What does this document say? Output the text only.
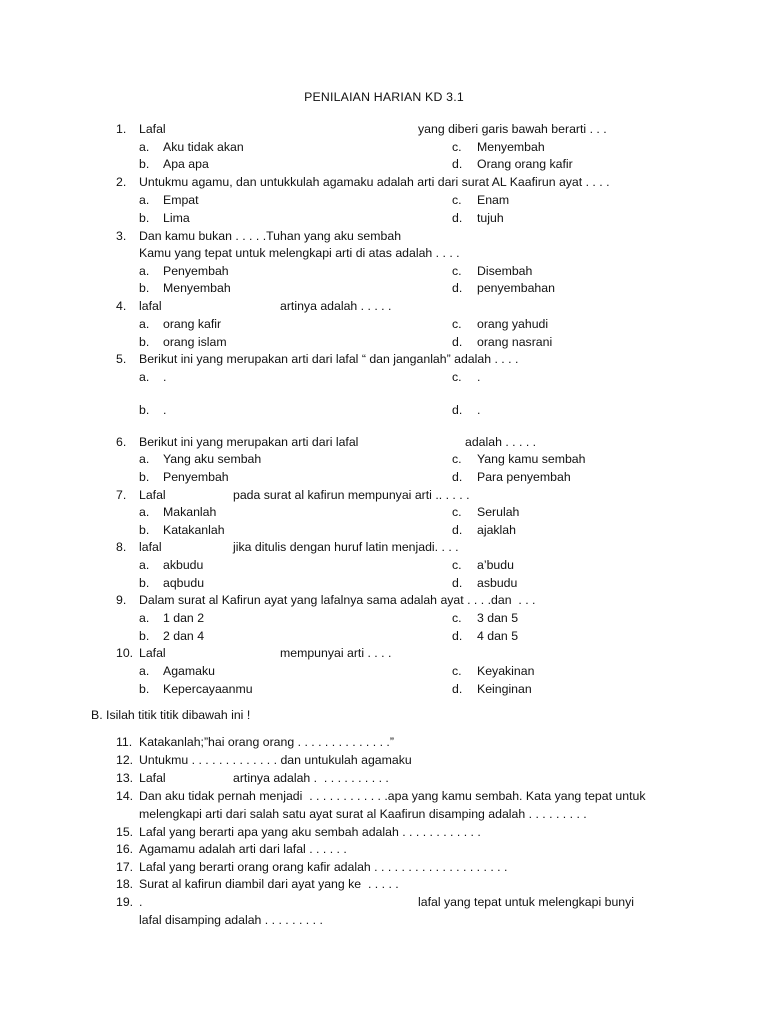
PENILAIAN HARIAN KD 3.1
1. Lafal	yang diberi garis bawah berarti . . .
a. Aku tidak akan	c. Menyembah
b. Apa apa	d. Orang orang kafir
2. Untukmu agamu, dan untukkulah agamaku adalah arti dari surat AL Kaafirun ayat . . . .
a. Empat	c. Enam
b. Lima	d. tujuh
3. Dan kamu bukan . . . . .Tuhan yang aku sembah
Kamu yang tepat untuk melengkapi arti di atas adalah . . . .
a. Penyembah	c. Disembah
b. Menyembah	d. penyembahan
4. lafal	artinya adalah . . . . .
a. orang kafir	c. orang yahudi
b. orang islam	d. orang nasrani
5. Berikut ini yang merupakan arti dari lafal “ dan janganlah” adalah . . . .
a. .	c. .
b. .	d. .
6. Berikut ini yang merupakan arti dari lafal	adalah . . . . .
a. Yang aku sembah	c. Yang kamu sembah
b. Penyembah	d. Para penyembah
7. Lafal	pada surat al kafirun mempunyai arti .. . . . .
a. Makanlah	c. Serulah
b. Katakanlah	d. ajaklah
8. lafal	jika ditulis dengan huruf latin menjadi. . . .
a. akbudu	c. a’budu
b. aqbudu	d. asbudu
9. Dalam surat al Kafirun ayat yang lafalnya sama adalah ayat . . . .dan  . . .
a. 1 dan 2	c. 3 dan 5
b. 2 dan 4	d. 4 dan 5
10. Lafal	mempunyai arti . . . .
a. Agamaku	c. Keyakinan
b. Kepercayaanmu	d. Keinginan
B. Isilah titik titik dibawah ini !
11. Katakanlah;”hai orang orang . . . . . . . . . . . . . .”
12. Untukmu . . . . . . . . . . . . . dan untukulah agamaku
13. Lafal	artinya adalah .  . . . . . . . . . .
14. Dan aku tidak pernah menjadi  . . . . . . . . . . . .apa yang kamu sembah. Kata yang tepat untuk
melengkapi arti dari salah satu ayat surat al Kaafirun disamping adalah . . . . . . . . .
15. Lafal yang berarti apa yang aku sembah adalah . . . . . . . . . . . .
16. Agamamu adalah arti dari lafal . . . . . .
17. Lafal yang berarti orang orang kafir adalah . . . . . . . . . . . . . . . . . . . .
18. Surat al kafirun diambil dari ayat yang ke  . . . . .
19. .	lafal yang tepat untuk melengkapi bunyi
lafal disamping adalah . . . . . . . . .
